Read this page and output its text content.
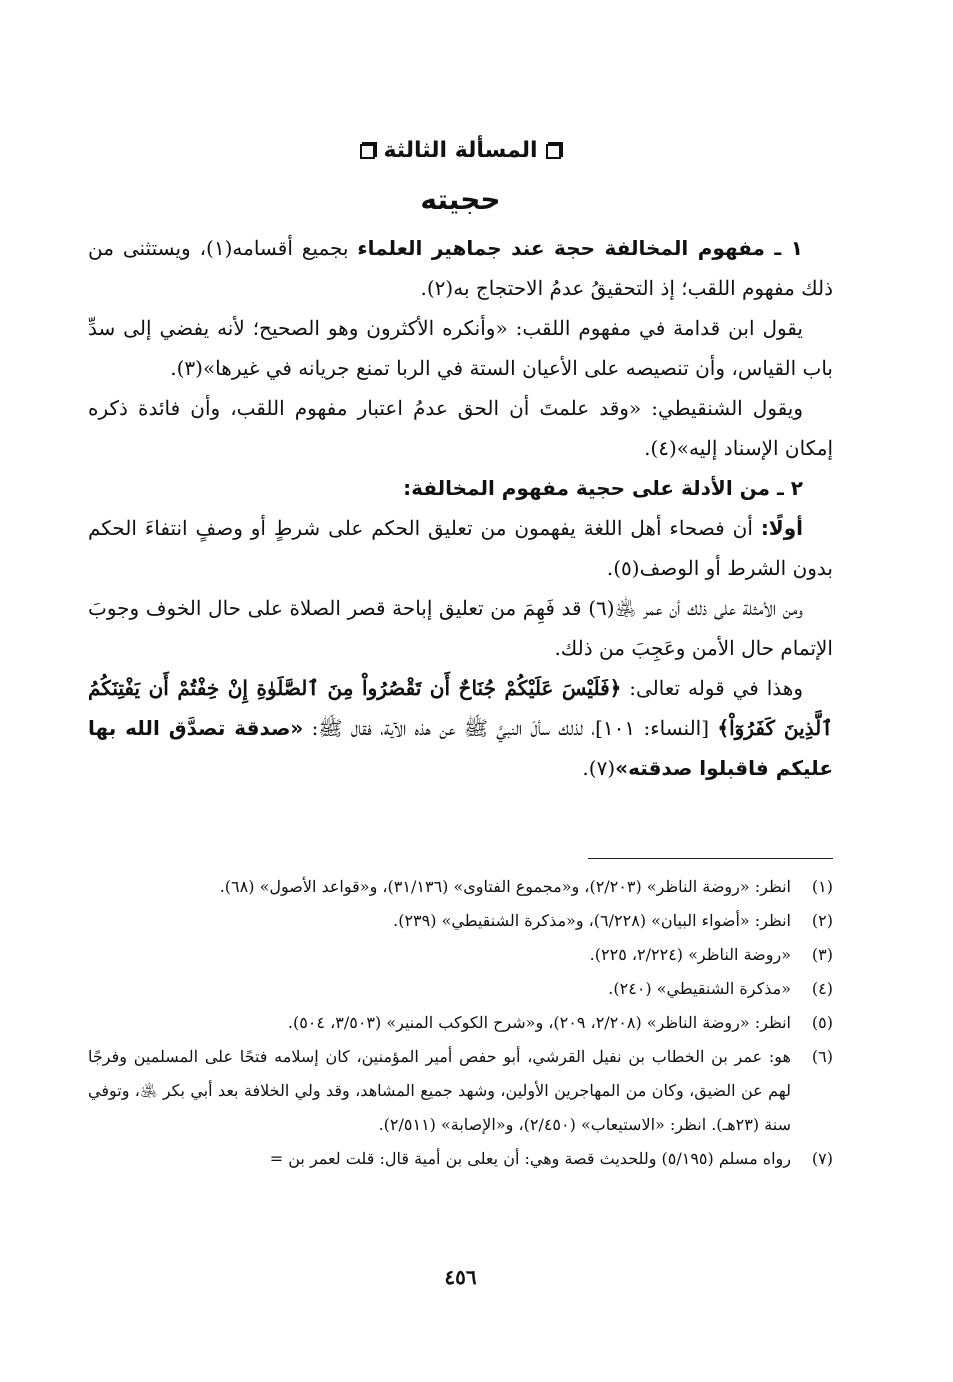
المسألة الثالثة
حجيته

١ ـ مفهوم المخالفة حجة عند جماهير العلماء بجميع أقسامه(١)، ويستثنى من ذلك مفهوم اللقب؛ إذ التحقيقُ عدمُ الاحتجاج به(٢).

يقول ابن قدامة في مفهوم اللقب: «وأنكره الأكثرون وهو الصحيح؛ لأنه يفضي إلى سدِّ باب القياس، وأن تنصيصه على الأعيان الستة في الربا تمنع جريانه في غيرها»(٣).

ويقول الشنقيطي: «وقد علمتَ أن الحق عدمُ اعتبار مفهوم اللقب، وأن فائدة ذكره إمكان الإسناد إليه»(٤).

٢ ـ من الأدلة على حجية مفهوم المخالفة:

أولًا: أن فصحاء أهل اللغة يفهمون من تعليق الحكم على شرطٍ أو وصفٍ انتفاءَ الحكم بدون الشرط أو الوصف(٥).

ومن الأمثلة على ذلك أن عمر ﵁(٦) قد فَهِمَ من تعليق إباحة قصر الصلاة على حال الخوف وجوبَ الإتمام حال الأمن وعَجِبَ من ذلك.

وهذا في قوله تعالى: ﴿فَلَيْسَ عَلَيْكُمْ جُنَاحٌ أَن تَقْصُرُواْ مِنَ ٱلصَّلَوٰةِ إِنْ خِفْتُمْ أَن يَفْتِنَكُمُ ٱلَّذِينَ كَفَرُوٓاْ﴾ [النساء: ١٠١]، لذلك سألَ النبيَّ ﷺ عن هذه الآية، فقال ﷺ: «صدقة تصدَّق الله بها عليكم فاقبلوا صدقته»(٧).

(١)
انظر: «روضة الناظر» (٢/٢٠٣)، و«مجموع الفتاوى» (٣١/١٣٦)، و«قواعد الأصول» (٦٨).
(٢)
انظر: «أضواء البيان» (٦/٢٢٨)، و«مذكرة الشنقيطي» (٢٣٩).
(٣)
«روضة الناظر» (٢/٢٢٤، ٢٢٥).
(٤)
«مذكرة الشنقيطي» (٢٤٠).
(٥)
انظر: «روضة الناظر» (٢/٢٠٨، ٢٠٩)، و«شرح الكوكب المنير» (٣/٥٠٣، ٥٠٤).
(٦)
هو: عمر بن الخطاب بن نفيل القرشي، أبو حفص أمير المؤمنين، كان إسلامه فتحًا على المسلمين وفرجًا لهم عن الضيق، وكان من المهاجرين الأولين، وشهد جميع المشاهد، وقد ولي الخلافة بعد أبي بكر ﵁، وتوفي سنة (٢٣هـ). انظر: «الاستيعاب» (٢/٤٥٠)، و«الإصابة» (٢/٥١١).
(٧)
رواه مسلم (٥/١٩٥) وللحديث قصة وهي: أن يعلى بن أمية قال: قلت لعمر بن =
٤٥٦
